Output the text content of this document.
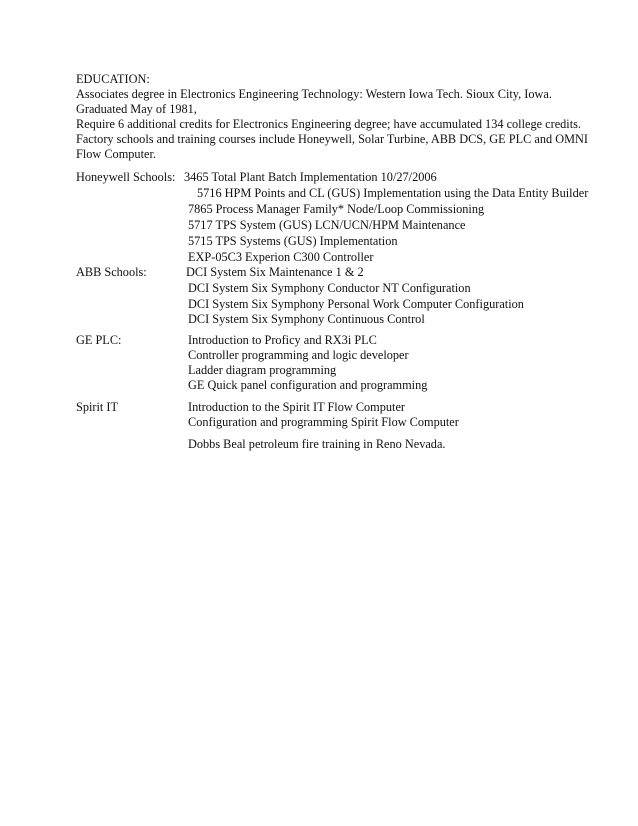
EDUCATION:
Associates degree in Electronics Engineering Technology: Western Iowa Tech. Sioux City, Iowa.
Graduated May of 1981,
Require 6 additional credits for Electronics Engineering degree; have accumulated 134 college credits.
Factory schools and training courses include Honeywell, Solar Turbine, ABB DCS, GE PLC and OMNI
Flow Computer.
Honeywell Schools: 3465 Total Plant Batch Implementation 10/27/2006
5716 HPM Points and CL (GUS) Implementation using the Data Entity Builder
7865 Process Manager Family* Node/Loop Commissioning
5717 TPS System (GUS) LCN/UCN/HPM Maintenance
5715 TPS Systems (GUS) Implementation
EXP-05C3 Experion C300 Controller
ABB Schools:	DCI System Six Maintenance 1 & 2
DCI System Six Symphony Conductor NT Configuration
DCI System Six Symphony Personal Work Computer Configuration
DCI System Six Symphony Continuous Control
GE PLC:	Introduction to Proficy and RX3i PLC
Controller programming and logic developer
Ladder diagram programming
GE Quick panel configuration and programming
Spirit IT	Introduction to the Spirit IT Flow Computer
Configuration and programming Spirit Flow Computer
Dobbs Beal petroleum fire training in Reno Nevada.
